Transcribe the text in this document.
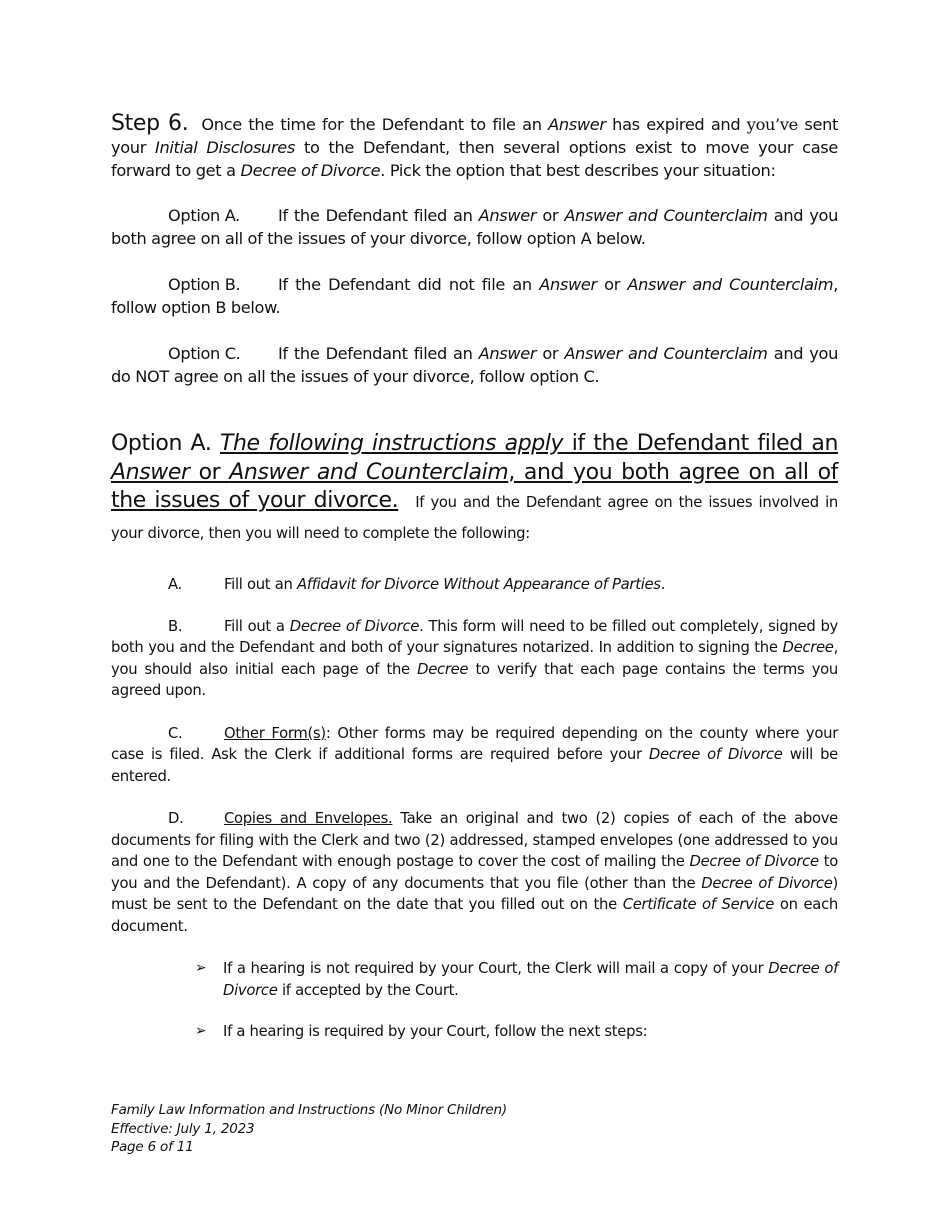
Step 6. Once the time for the Defendant to file an Answer has expired and you’ve sent your Initial Disclosures to the Defendant, then several options exist to move your case forward to get a Decree of Divorce. Pick the option that best describes your situation:

Option A. If the Defendant filed an Answer or Answer and Counterclaim and you both agree on all of the issues of your divorce, follow option A below.

Option B. If the Defendant did not file an Answer or Answer and Counterclaim, follow option B below.

Option C. If the Defendant filed an Answer or Answer and Counterclaim and you do NOT agree on all the issues of your divorce, follow option C.

Option A. The following instructions apply if the Defendant filed an Answer or Answer and Counterclaim, and you both agree on all of the issues of your divorce. If you and the Defendant agree on the issues involved in your divorce, then you will need to complete the following:

A.	Fill out an Affidavit for Divorce Without Appearance of Parties.

B.	Fill out a Decree of Divorce. This form will need to be filled out completely, signed by both you and the Defendant and both of your signatures notarized. In addition to signing the Decree, you should also initial each page of the Decree to verify that each page contains the terms you agreed upon.

C.	Other Form(s): Other forms may be required depending on the county where your case is filed. Ask the Clerk if additional forms are required before your Decree of Divorce will be entered.

D.	Copies and Envelopes. Take an original and two (2) copies of each of the above documents for filing with the Clerk and two (2) addressed, stamped envelopes (one addressed to you and one to the Defendant with enough postage to cover the cost of mailing the Decree of Divorce to you and the Defendant). A copy of any documents that you file (other than the Decree of Divorce) must be sent to the Defendant on the date that you filled out on the Certificate of Service on each document.

➢ If a hearing is not required by your Court, the Clerk will mail a copy of your Decree of Divorce if accepted by the Court.

➢ If a hearing is required by your Court, follow the next steps:

Family Law Information and Instructions (No Minor Children)
Effective: July 1, 2023
Page 6 of 11
